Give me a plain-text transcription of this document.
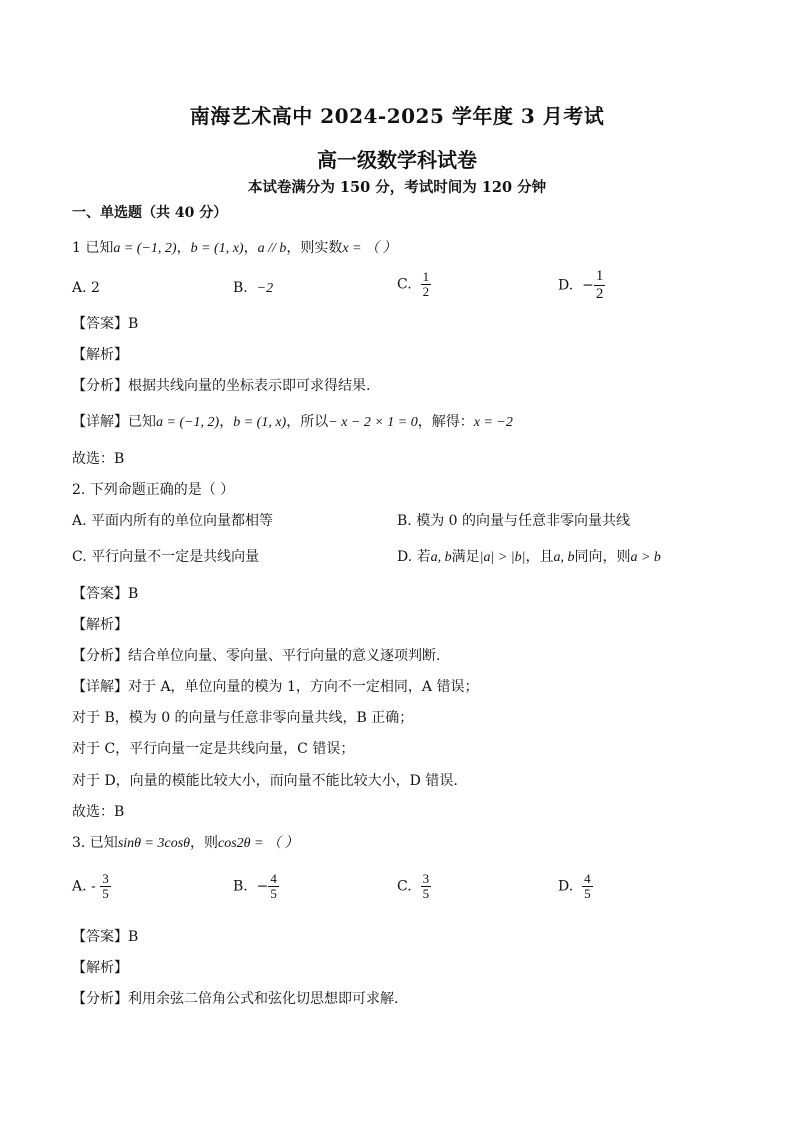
南海艺术高中 2024-2025 学年度 3 月考试
高一级数学科试卷
本试卷满分为 150 分，考试时间为 120 分钟
一、单选题（共 40 分）
1 已知a = (−1, 2)，b = (1, x)，a // b，则实数x = （ ）
A. 2	B. −2	C. $\frac{1}{2}$	D. − $\frac{1}{2}$
【答案】B
【解析】
【分析】根据共线向量的坐标表示即可求得结果.
【详解】已知a = (−1, 2)，b = (1, x)，所以− x − 2 × 1 = 0，解得：x = −2
故选：B
2. 下列命题正确的是（ ）
A. 平面内所有的单位向量都相等	B. 模为 0 的向量与任意非零向量共线
C. 平行向量不一定是共线向量	D. 若a, b满足|a| > |b|，且a, b同向，则a > b
【答案】B
【解析】
【分析】结合单位向量、零向量、平行向量的意义逐项判断.
【详解】对于 A，单位向量的模为 1，方向不一定相同，A 错误；
对于 B，模为 0 的向量与任意非零向量共线，B 正确；
对于 C，平行向量一定是共线向量，C 错误；
对于 D，向量的模能比较大小，而向量不能比较大小，D 错误.
故选：B
3. 已知sinθ = 3cosθ，则cos2θ = （ ）
A. - $\frac{3}{5}$	B. − $\frac{4}{5}$	C. $\frac{3}{5}$	D. $\frac{4}{5}$
【答案】B
【解析】
【分析】利用余弦二倍角公式和弦化切思想即可求解.
